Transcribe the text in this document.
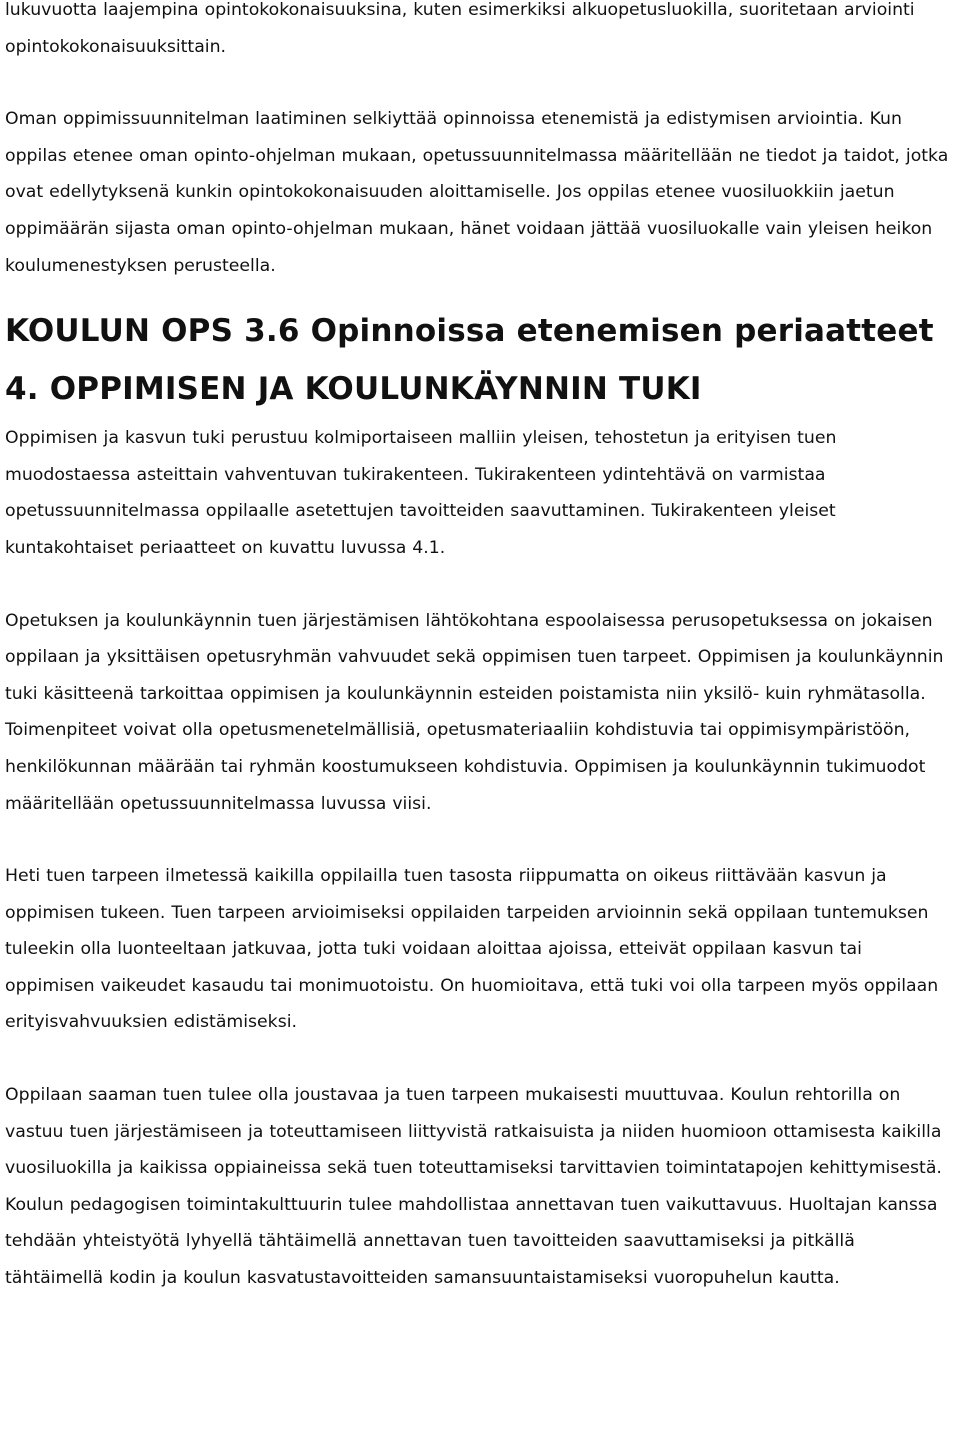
lukuvuotta laajempina opintokokonaisuuksina, kuten esimerkiksi alkuopetusluokilla, suoritetaan arviointi opintokokonaisuuksittain.

Oman oppimissuunnitelman laatiminen selkiyttää opinnoissa etenemistä ja edistymisen arviointia. Kun oppilas etenee oman opinto-ohjelman mukaan, opetussuunnitelmassa määritellään ne tiedot ja taidot, jotka ovat edellytyksenä kunkin opintokokonaisuuden aloittamiselle. Jos oppilas etenee vuosiluokkiin jaetun oppimäärän sijasta oman opinto-ohjelman mukaan, hänet voidaan jättää vuosiluokalle vain yleisen heikon koulumenestyksen perusteella.

KOULUN OPS 3.6 Opinnoissa etenemisen periaatteet
4. OPPIMISEN JA KOULUNKÄYNNIN TUKI

Oppimisen ja kasvun tuki perustuu kolmiportaiseen malliin yleisen, tehostetun ja erityisen tuen muodostaessa asteittain vahventuvan tukirakenteen. Tukirakenteen ydintehtävä on varmistaa opetussuunnitelmassa oppilaalle asetettujen tavoitteiden saavuttaminen. Tukirakenteen yleiset kuntakohtaiset periaatteet on kuvattu luvussa 4.1.

Opetuksen ja koulunkäynnin tuen järjestämisen lähtökohtana espoolaisessa perusopetuksessa on jokaisen oppilaan ja yksittäisen opetusryhmän vahvuudet sekä oppimisen tuen tarpeet. Oppimisen ja koulunkäynnin tuki käsitteenä tarkoittaa oppimisen ja koulunkäynnin esteiden poistamista niin yksilö- kuin ryhmätasolla. Toimenpiteet voivat olla opetusmenetelmällisiä, opetusmateriaaliin kohdistuvia tai oppimisympäristöön, henkilökunnan määrään tai ryhmän koostumukseen kohdistuvia. Oppimisen ja koulunkäynnin tukimuodot määritellään opetussuunnitelmassa luvussa viisi.

Heti tuen tarpeen ilmetessä kaikilla oppilailla tuen tasosta riippumatta on oikeus riittävään kasvun ja oppimisen tukeen. Tuen tarpeen arvioimiseksi oppilaiden tarpeiden arvioinnin sekä oppilaan tuntemuksen tuleekin olla luonteeltaan jatkuvaa, jotta tuki voidaan aloittaa ajoissa, etteivät oppilaan kasvun tai oppimisen vaikeudet kasaudu tai monimuotoistu. On huomioitava, että tuki voi olla tarpeen myös oppilaan erityisvahvuuksien edistämiseksi.

Oppilaan saaman tuen tulee olla joustavaa ja tuen tarpeen mukaisesti muuttuvaa. Koulun rehtorilla on vastuu tuen järjestämiseen ja toteuttamiseen liittyvistä ratkaisuista ja niiden huomioon ottamisesta kaikilla vuosiluokilla ja kaikissa oppiaineissa sekä tuen toteuttamiseksi tarvittavien toimintatapojen kehittymisestä. Koulun pedagogisen toimintakulttuurin tulee mahdollistaa annettavan tuen vaikuttavuus. Huoltajan kanssa tehdään yhteistyötä lyhyellä tähtäimellä annettavan tuen tavoitteiden saavuttamiseksi ja pitkällä tähtäimellä kodin ja koulun kasvatustavoitteiden samansuuntaistamiseksi vuoropuhelun kautta.
